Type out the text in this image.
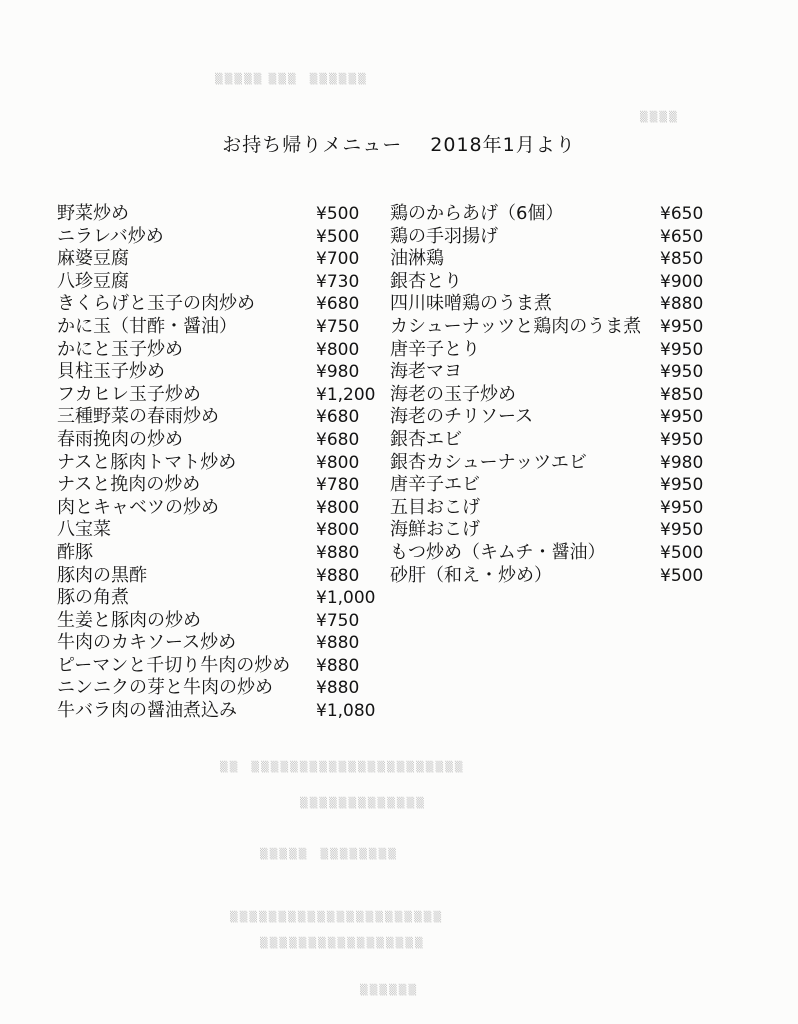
お持ち帰りメニュー 2018年1月より
野菜炒め	¥500
ニラレバ炒め	¥500
麻婆豆腐	¥700
八珍豆腐	¥730
きくらげと玉子の肉炒め	¥680
かに玉（甘酢・醤油）	¥750
かにと玉子炒め	¥800
貝柱玉子炒め	¥980
フカヒレ玉子炒め	¥1,200
三種野菜の春雨炒め	¥680
春雨挽肉の炒め	¥680
ナスと豚肉トマト炒め	¥800
ナスと挽肉の炒め	¥780
肉とキャベツの炒め	¥800
八宝菜	¥800
酢豚	¥880
豚肉の黒酢	¥880
豚の角煮	¥1,000
生姜と豚肉の炒め	¥750
牛肉のカキソース炒め	¥880
ピーマンと千切り牛肉の炒め ¥880
ニンニクの芽と牛肉の炒め	¥880
牛バラ肉の醤油煮込み	¥1,080
鶏のからあげ（6個）	¥650
鶏の手羽揚げ	¥650
油淋鶏	¥850
銀杏とり	¥900
四川味噌鶏のうま煮	¥880
カシューナッツと鶏肉のうま煮 ¥950
唐辛子とり	¥950
海老マヨ	¥950
海老の玉子炒め	¥850
海老のチリソース	¥950
銀杏エビ	¥950
銀杏カシューナッツエビ	¥980
唐辛子エビ	¥950
五目おこげ	¥950
海鮮おこげ	¥950
もつ炒め（キムチ・醤油）	¥500
砂肝（和え・炒め）	¥500
▒▒▒▒▒ ▒▒▒　▒▒▒▒▒▒
▒▒▒▒
▒▒　▒▒▒▒▒▒▒▒▒▒▒▒▒▒▒▒▒▒▒▒▒▒
▒▒▒▒▒▒▒▒▒▒▒▒▒
▒▒▒▒▒　▒▒▒▒▒▒▒▒
▒▒▒▒▒▒▒▒▒▒▒▒▒▒▒▒▒▒▒▒▒▒
▒▒▒▒▒▒▒▒▒▒▒▒▒▒▒▒▒
▒▒▒▒▒▒
